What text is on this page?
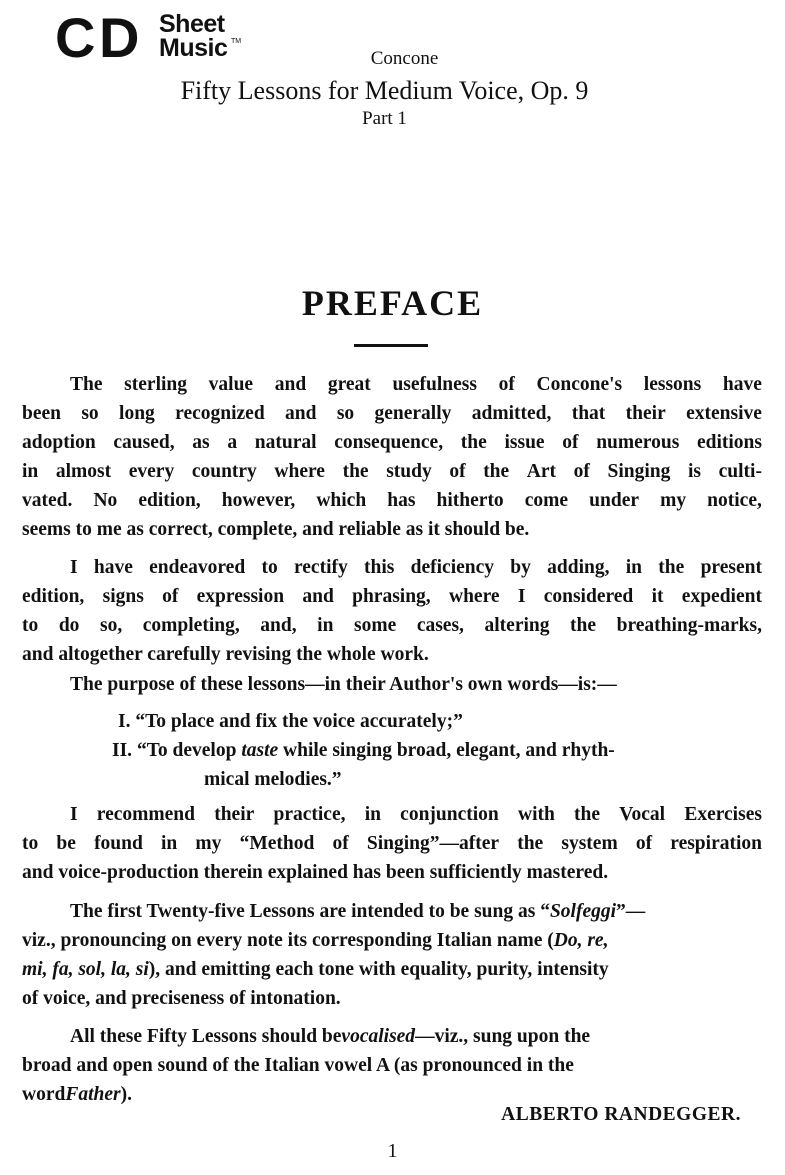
C D Sheet
Music TM
Concone
Fifty Lessons for Medium Voice, Op. 9
Part 1
PREFACE
The sterling value and great usefulness of Concone's lessons have
been so long recognized and so generally admitted, that their extensive
adoption caused, as a natural consequence, the issue of numerous editions
in almost every country where the study of the Art of Singing is culti-
vated. No edition, however, which has hitherto come under my notice,
seems to me as correct, complete, and reliable as it should be.
I have endeavored to rectify this deficiency by adding, in the present
edition, signs of expression and phrasing, where I considered it expedient
to do so, completing, and, in some cases, altering the breathing-marks,
and altogether carefully revising the whole work.
The purpose of these lessons—in their Author's own words—is:—
I. “To place and fix the voice accurately;”
II. “To develop taste while singing broad, elegant, and rhyth-
mical melodies.”
I recommend their practice, in conjunction with the Vocal Exercises
to be found in my “Method of Singing”—after the system of respiration
and voice-production therein explained has been sufficiently mastered.
The first Twenty-five Lessons are intended to be sung as “ Solfeggi ”—
viz., pronouncing on every note its corresponding Italian name ( Do, re,
mi, fa, sol, la, si ), and emitting each tone with equality, purity, intensity
of voice, and preciseness of intonation.
All these Fifty Lessons should be vocalised —viz., sung upon the
broad and open sound of the Italian vowel A (as pronounced in the
word Father ).
ALBERTO RANDEGGER.
1
